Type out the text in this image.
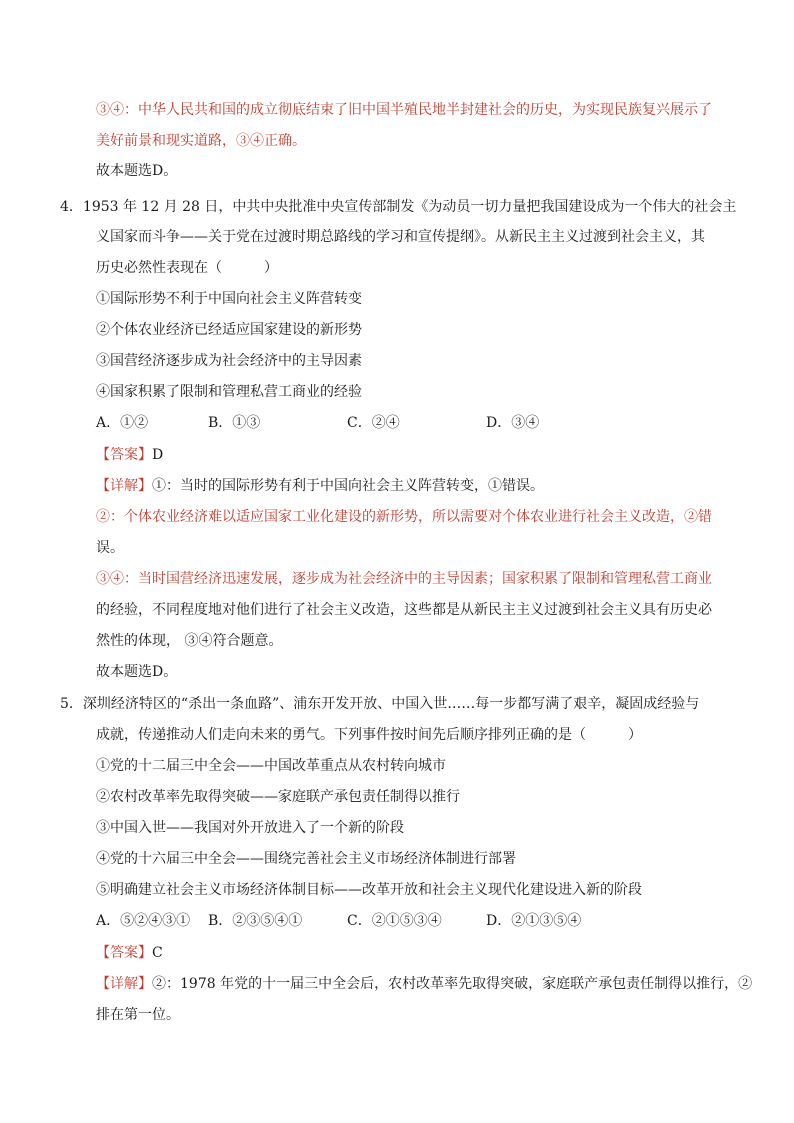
③④：中华人民共和国的成立彻底结束了旧中国半殖民地半封建社会的历史，为实现民族复兴展示了
美好前景和现实道路，③④正确。
故本题选D。
4．1953 年 12 月 28 日，中共中央批准中央宣传部制发《为动员一切力量把我国建设成为一个伟大的社会主
义国家而斗争——关于党在过渡时期总路线的学习和宣传提纲》。从新民主主义过渡到社会主义，其
历史必然性表现在（　　　）
①国际形势不利于中国向社会主义阵营转变
②个体农业经济已经适应国家建设的新形势
③国营经济逐步成为社会经济中的主导因素
④国家积累了限制和管理私营工商业的经验
A．①②	B．①③	C．②④	D．③④
【答案】D
【详解】①：当时的国际形势有利于中国向社会主义阵营转变，①错误。
②：个体农业经济难以适应国家工业化建设的新形势，所以需要对个体农业进行社会主义改造，②错
误。
③④：当时国营经济迅速发展，逐步成为社会经济中的主导因素；国家积累了限制和管理私营工商业
的经验，不同程度地对他们进行了社会主义改造，这些都是从新民主主义过渡到社会主义具有历史必
然性的体现， ③④符合题意。
故本题选D。
5．深圳经济特区的“杀出一条血路”、浦东开发开放、中国入世……每一步都写满了艰辛，凝固成经验与
成就，传递推动人们走向未来的勇气。下列事件按时间先后顺序排列正确的是（　　　）
①党的十二届三中全会——中国改革重点从农村转向城市
②农村改革率先取得突破——家庭联产承包责任制得以推行
③中国入世——我国对外开放进入了一个新的阶段
④党的十六届三中全会——围绕完善社会主义市场经济体制进行部署
⑤明确建立社会主义市场经济体制目标——改革开放和社会主义现代化建设进入新的阶段
A．⑤②④③① B．②③⑤④①	C．②①⑤③④	D．②①③⑤④
【答案】C
【详解】②：1978 年党的十一届三中全会后，农村改革率先取得突破，家庭联产承包责任制得以推行，②
排在第一位。
